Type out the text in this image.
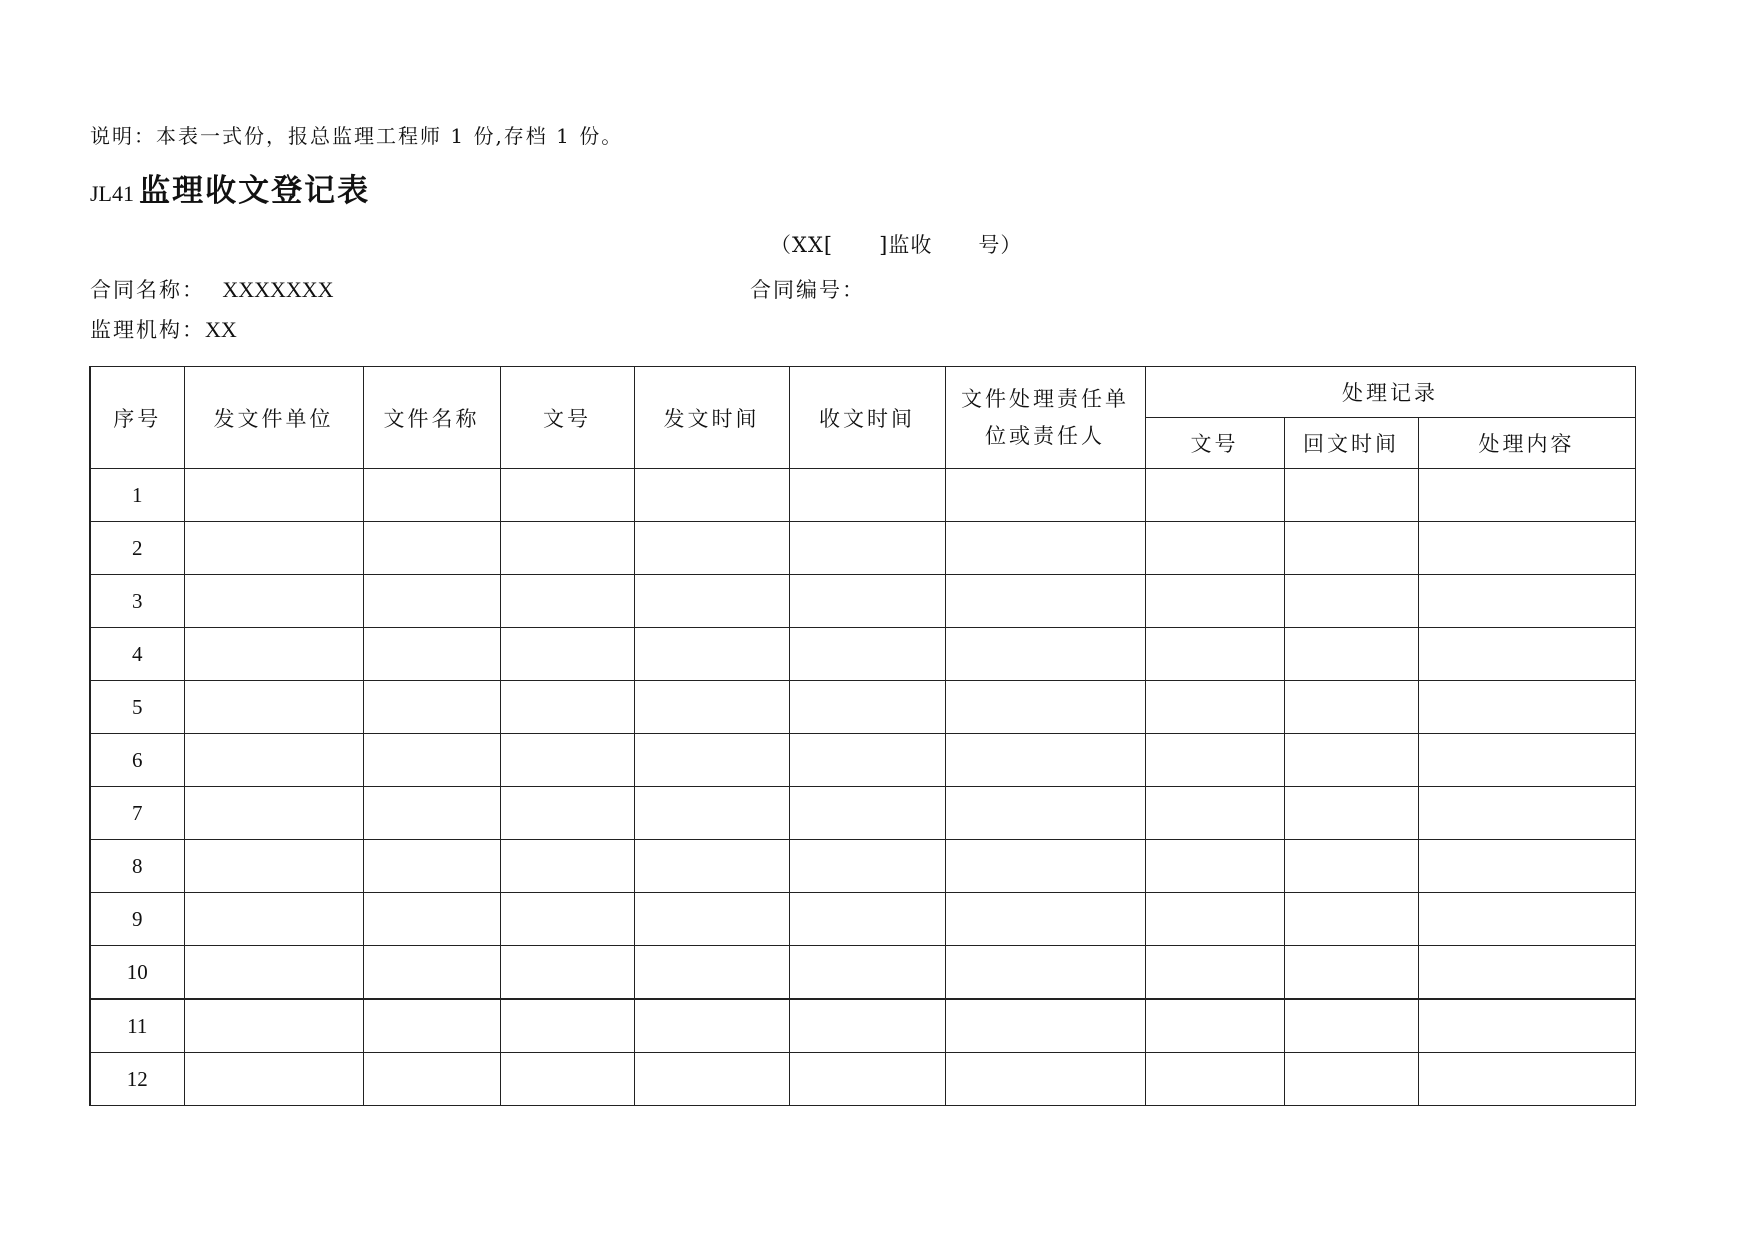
说明：本表一式份，报总监理工程师 1 份,存档 1 份。
JL41 监理收文登记表
（XX[      ]监收      号）
合同名称： XXXXXXX	合同编号：
监理机构：XX
序号	发文件单位	文件名称	文号	发文时间	收文时间	文件处理责任单位或责任人	处理记录		
							文号	回文时间	处理内容
1									
2									
3									
4									
5									
6									
7									
8									
9									
10									
11									
12									
